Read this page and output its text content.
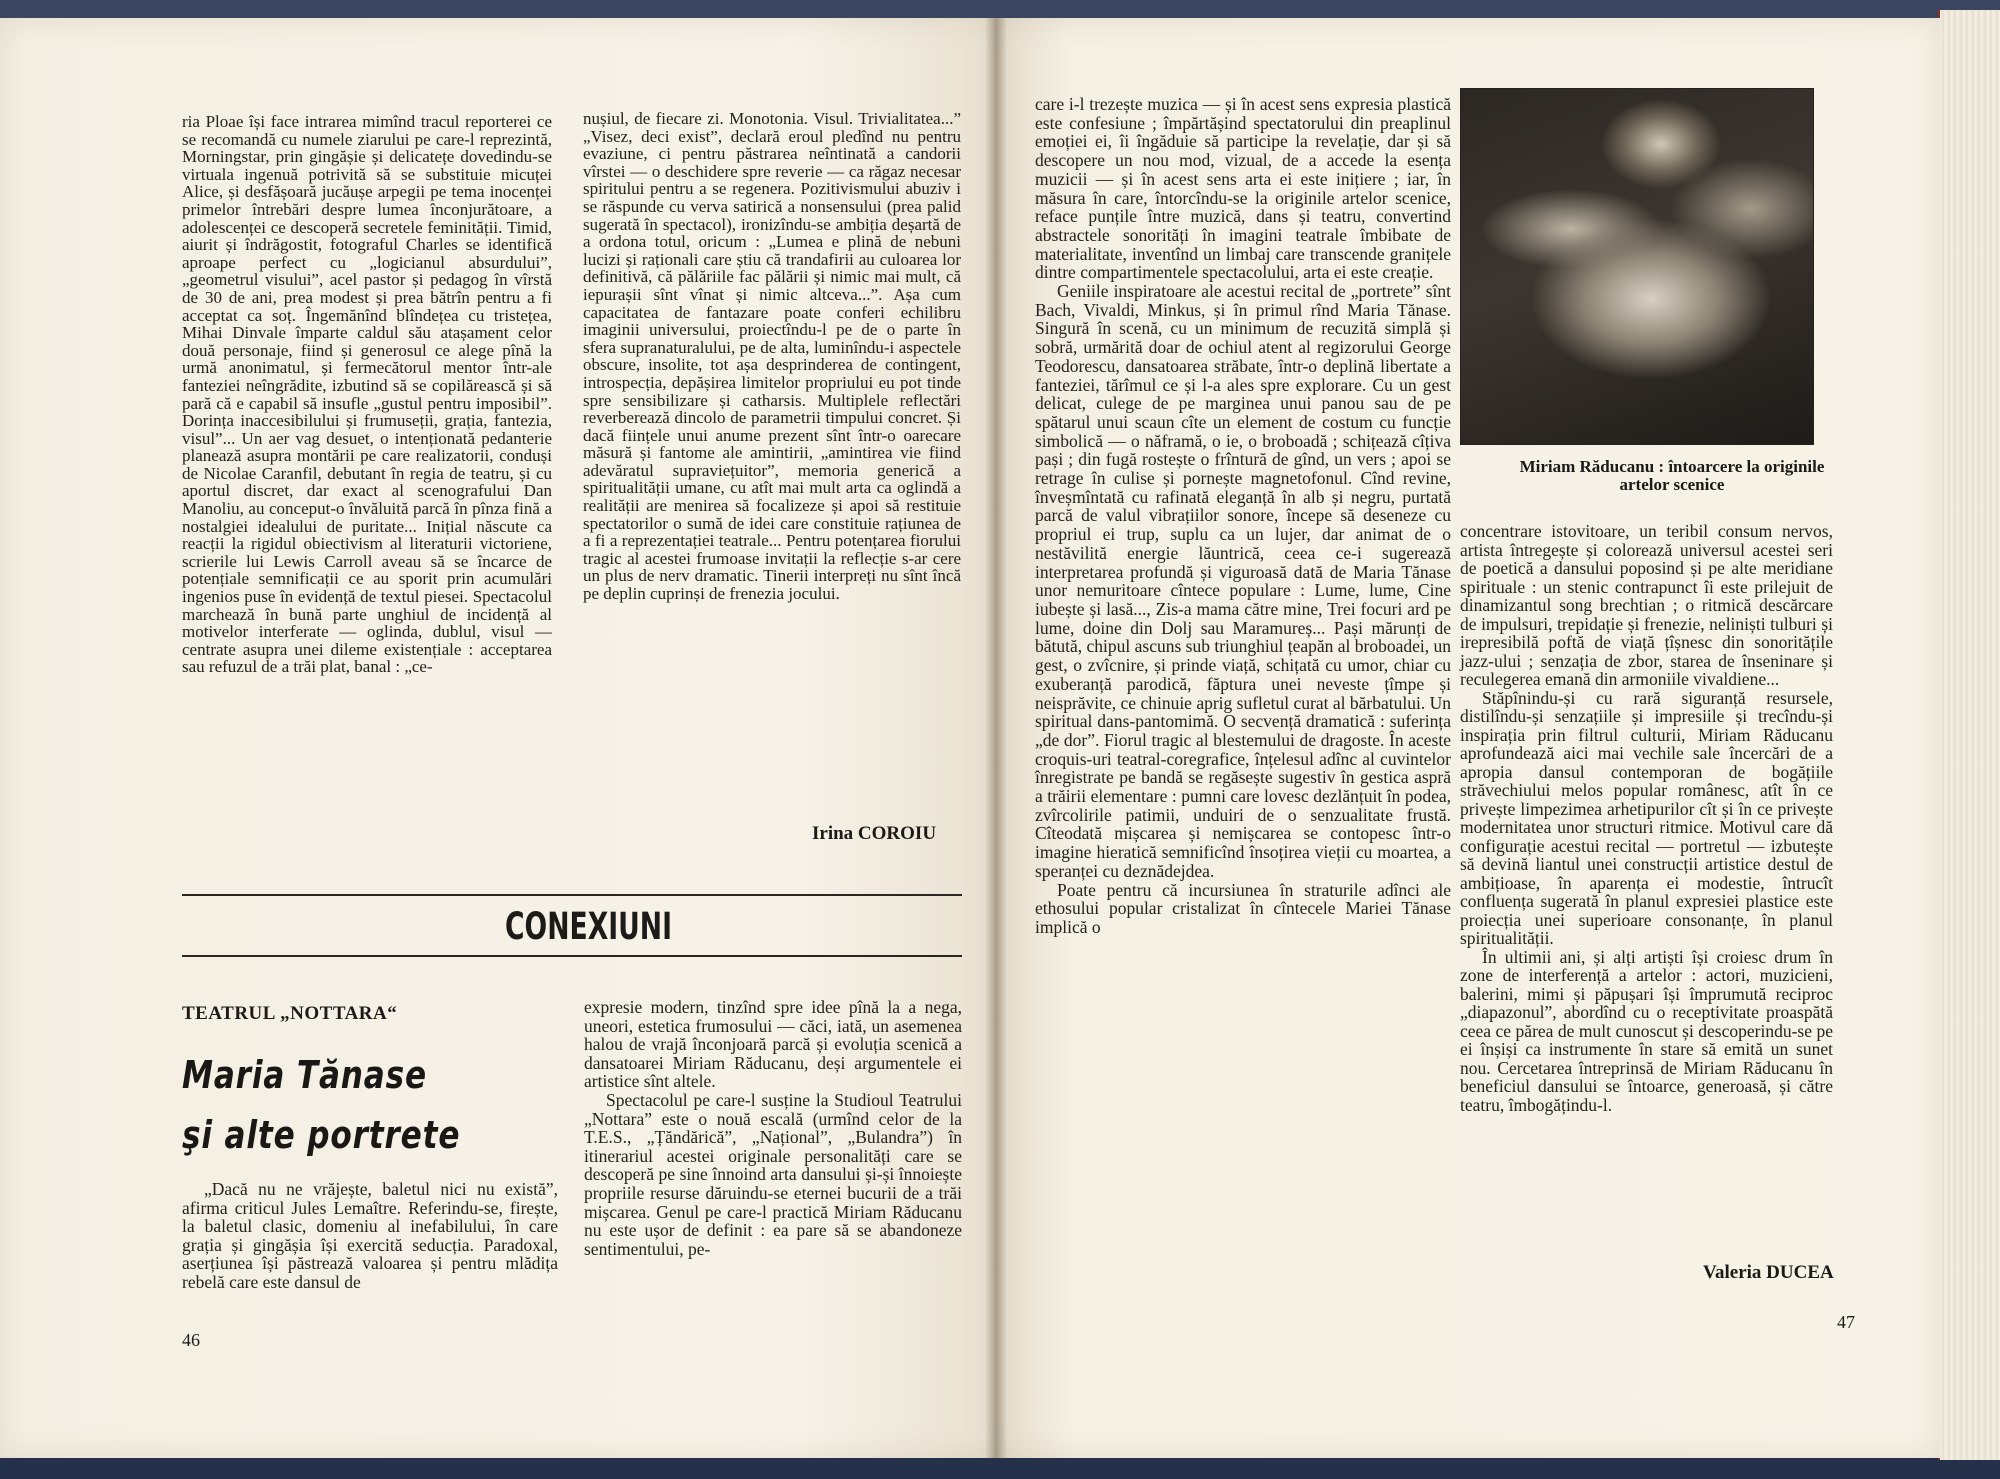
ria Ploae își face intrarea mimînd tracul reporterei ce se recomandă cu numele ziarului pe care-l reprezintă, Morningstar, prin gingășie și delicatețe dovedindu-se virtuala ingenuă potrivită să se substituie micuței Alice, și desfășoară jucăușe arpegii pe tema inocenței primelor întrebări despre lumea înconjurătoare, a adolescenței ce descoperă secretele feminității. Timid, aiurit și îndrăgostit, fotograful Charles se identifică aproape perfect cu „logicianul absurdului”, „geometrul visului”, acel pastor și pedagog în vîrstă de 30 de ani, prea modest și prea bătrîn pentru a fi acceptat ca soț. Îngemănînd blîndețea cu tristețea, Mihai Dinvale împarte caldul său atașament celor două personaje, fiind și generosul ce alege pînă la urmă anonimatul, și fermecătorul mentor într-ale fanteziei neîngrădite, izbutind să se copilărească și să pară că e capabil să insufle „gustul pentru imposibil”. Dorința inaccesibilului și frumuseții, grația, fantezia, visul”... Un aer vag desuet, o intenționată pedanterie planează asupra montării pe care realizatorii, conduși de Nicolae Caranfil, debutant în regia de teatru, și cu aportul discret, dar exact al scenografului Dan Manoliu, au conceput-o învăluită parcă în pînza fină a nostalgiei idealului de puritate... Inițial născute ca reacții la rigidul obiectivism al literaturii victoriene, scrierile lui Lewis Carroll aveau să se încarce de potențiale semnificații ce au sporit prin acumulări ingenios puse în evidență de textul piesei. Spectacolul marchează în bună parte unghiul de incidență al motivelor interferate — oglinda, dublul, visul — centrate asupra unei dileme existențiale : acceptarea sau refuzul de a trăi plat, banal : „ce-

nușiul, de fiecare zi. Monotonia. Visul. Trivialitatea...” „Visez, deci exist”, declară eroul pledînd nu pentru evaziune, ci pentru păstrarea neîntinată a candorii vîrstei — o deschidere spre reverie — ca răgaz necesar spiritului pentru a se regenera. Pozitivismului abuziv i se răspunde cu verva satirică a nonsensului (prea palid sugerată în spectacol), ironizîndu-se ambiția deșartă de a ordona totul, oricum : „Lumea e plină de nebuni lucizi și raționali care știu că trandafirii au culoarea lor definitivă, că pălăriile fac pălării și nimic mai mult, că iepurașii sînt vînat și nimic altceva...”. Așa cum capacitatea de fantazare poate conferi echilibru imaginii universului, proiectîndu-l pe de o parte în sfera supranaturalului, pe de alta, luminîndu-i aspectele obscure, insolite, tot așa desprinderea de contingent, introspecția, depășirea limitelor propriului eu pot tinde spre sensibilizare și catharsis. Multiplele reflectări reverberează dincolo de parametrii timpului concret. Și dacă ființele unui anume prezent sînt într-o oarecare măsură și fantome ale amintirii, „amintirea vie fiind adevăratul supraviețuitor”, memoria generică a spiritualității umane, cu atît mai mult arta ca oglindă a realității are menirea să focalizeze și apoi să restituie spectatorilor o sumă de idei care constituie rațiunea de a fi a reprezentației teatrale... Pentru potențarea fiorului tragic al acestei frumoase invitații la reflecție s-ar cere un plus de nerv dramatic. Tinerii interpreți nu sînt încă pe deplin cuprinși de frenezia jocului.

Irina COROIU
CONEXIUNI
TEATRUL „NOTTARA“
Maria Tănase
şi alte portrete

„Dacă nu ne vrăjește, baletul nici nu există”, afirma criticul Jules Lemaître. Referindu-se, firește, la baletul clasic, domeniu al inefabilului, în care grația și gingășia își exercită seducția. Paradoxal, aserțiunea își păstrează valoarea și pentru mlădița rebelă care este dansul de

expresie modern, tinzînd spre idee pînă la a nega, uneori, estetica frumosului — căci, iată, un asemenea halou de vrajă înconjoară parcă și evoluția scenică a dansatoarei Miriam Răducanu, deși argumentele ei artistice sînt altele.

Spectacolul pe care-l susține la Studioul Teatrului „Nottara” este o nouă escală (urmînd celor de la T.E.S., „Țăndărică”, „Național”, „Bulandra”) în itinerariul acestei originale personalități care se descoperă pe sine înnoind arta dansului și-și înnoiește propriile resurse dăruindu-se eternei bucurii de a trăi mișcarea. Genul pe care-l practică Miriam Răducanu nu este ușor de definit : ea pare să se abandoneze sentimentului, pe-

46

care i-l trezește muzica — și în acest sens expresia plastică este confesiune ; împărtășind spectatorului din preaplinul emoției ei, îi îngăduie să participe la revelație, dar și să descopere un nou mod, vizual, de a accede la esența muzicii — și în acest sens arta ei este inițiere ; iar, în măsura în care, întorcîndu-se la originile artelor scenice, reface punțile între muzică, dans și teatru, convertind abstractele sonorități în imagini teatrale îmbibate de materialitate, inventînd un limbaj care transcende granițele dintre compartimentele spectacolului, arta ei este creație.

Geniile inspiratoare ale acestui recital de „portrete” sînt Bach, Vivaldi, Minkus, și în primul rînd Maria Tănase. Singură în scenă, cu un minimum de recuzită simplă și sobră, urmărită doar de ochiul atent al regizorului George Teodorescu, dansatoarea străbate, într-o deplină libertate a fanteziei, tărîmul ce și l-a ales spre explorare. Cu un gest delicat, culege de pe marginea unui panou sau de pe spătarul unui scaun cîte un element de costum cu funcție simbolică — o năframă, o ie, o broboadă ; schițează cîțiva pași ; din fugă rostește o frîntură de gînd, un vers ; apoi se retrage în culise și pornește magnetofonul. Cînd revine, înveșmîntată cu rafinată eleganță în alb și negru, purtată parcă de valul vibrațiilor sonore, începe să deseneze cu propriul ei trup, suplu ca un lujer, dar animat de o nestăvilită energie lăuntrică, ceea ce-i sugerează interpretarea profundă și viguroasă dată de Maria Tănase unor nemuritoare cîntece populare : Lume, lume, Cine iubește și lasă..., Zis-a mama către mine, Trei focuri ard pe lume, doine din Dolj sau Maramureș... Pași mărunți de bătută, chipul ascuns sub triunghiul țeapăn al broboadei, un gest, o zvîcnire, și prinde viață, schițată cu umor, chiar cu exuberanță parodică, făptura unei neveste țîmpe și neisprăvite, ce chinuie aprig sufletul curat al bărbatului. Un spiritual dans-pantomimă. O secvență dramatică : suferința „de dor”. Fiorul tragic al blestemului de dragoste. În aceste croquis-uri teatral-coregrafice, înțelesul adînc al cuvintelor înregistrate pe bandă se regăsește sugestiv în gestica aspră a trăirii elementare : pumni care lovesc dezlănțuit în podea, zvîrcolirile patimii, unduiri de o senzualitate frustă. Cîteodată mișcarea și nemișcarea se contopesc într-o imagine hieratică semnificînd însoțirea vieții cu moartea, a speranței cu deznădejdea.

Poate pentru că incursiunea în straturile adînci ale ethosului popular cristalizat în cîntecele Mariei Tănase implică o

Miriam Răducanu : întoarcere la originile artelor scenice

concentrare istovitoare, un teribil consum nervos, artista întregește și colorează universul acestei seri de poetică a dansului poposind și pe alte meridiane spirituale : un stenic contrapunct îi este prilejuit de dinamizantul song brechtian ; o ritmică descărcare de impulsuri, trepidație și frenezie, neliniști tulburi și irepresibilă poftă de viață țîșnesc din sonoritățile jazz-ului ; senzația de zbor, starea de înseninare și reculegerea emană din armoniile vivaldiene...

Stăpînindu-și cu rară siguranță resursele, distilîndu-și senzațiile și impresiile și trecîndu-și inspirația prin filtrul culturii, Miriam Răducanu aprofundează aici mai vechile sale încercări de a apropia dansul contemporan de bogățiile străvechiului melos popular românesc, atît în ce privește limpezimea arhetipurilor cît și în ce privește modernitatea unor structuri ritmice. Motivul care dă configurație acestui recital — portretul — izbutește să devină liantul unei construcții artistice destul de ambițioase, în aparența ei modestie, întrucît confluența sugerată în planul expresiei plastice este proiecția unei superioare consonanțe, în planul spiritualității.

În ultimii ani, și alți artiști își croiesc drum în zone de interferență a artelor : actori, muzicieni, balerini, mimi și păpușari își împrumută reciproc „diapazonul”, abordînd cu o receptivitate proaspătă ceea ce părea de mult cunoscut și descoperindu-se pe ei înșiși ca instrumente în stare să emită un sunet nou. Cercetarea întreprinsă de Miriam Răducanu în beneficiul dansului se întoarce, generoasă, și către teatru, îmbogățindu-l.

Valeria DUCEA
47
